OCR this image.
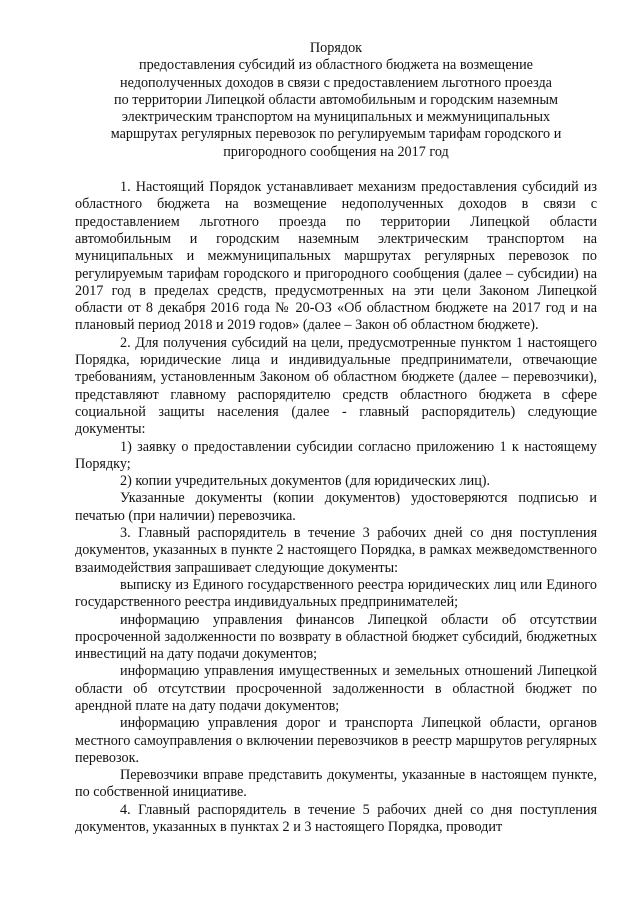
Порядок
предоставления субсидий из областного бюджета на возмещение
недополученных доходов в связи с предоставлением льготного проезда
по территории Липецкой области автомобильным и городским наземным
электрическим транспортом на муниципальных и межмуниципальных
маршрутах регулярных перевозок по регулируемым тарифам городского и
пригородного сообщения на 2017 год

1. Настоящий Порядок устанавливает механизм предоставления субсидий из областного бюджета на возмещение недополученных доходов в связи с предоставлением льготного проезда по территории Липецкой области автомобильным и городским наземным электрическим транспортом на муниципальных и межмуниципальных маршрутах регулярных перевозок по регулируемым тарифам городского и пригородного сообщения (далее – субсидии) на 2017 год в пределах средств, предусмотренных на эти цели Законом Липецкой области от 8 декабря 2016 года № 20-ОЗ «Об областном бюджете на 2017 год и на плановый период 2018 и 2019 годов» (далее – Закон об областном бюджете).

2. Для получения субсидий на цели, предусмотренные пунктом 1 настоящего Порядка, юридические лица и индивидуальные предприниматели, отвечающие требованиям, установленным Законом об областном бюджете (далее – перевозчики), представляют главному распорядителю средств областного бюджета в сфере социальной защиты населения (далее - главный распорядитель) следующие документы:

1) заявку о предоставлении субсидии согласно приложению 1 к настоящему Порядку;

2) копии учредительных документов (для юридических лиц).

Указанные документы (копии документов) удостоверяются подписью и печатью (при наличии) перевозчика.

3. Главный распорядитель в течение 3 рабочих дней со дня поступления документов, указанных в пункте 2 настоящего Порядка, в рамках межведомственного взаимодействия запрашивает следующие документы:

выписку из Единого государственного реестра юридических лиц или Единого государственного реестра индивидуальных предпринимателей;

информацию управления финансов Липецкой области об отсутствии просроченной задолженности по возврату в областной бюджет субсидий, бюджетных инвестиций на дату подачи документов;

информацию управления имущественных и земельных отношений Липецкой области об отсутствии просроченной задолженности в областной бюджет по арендной плате на дату подачи документов;

информацию управления дорог и транспорта Липецкой области, органов местного самоуправления о включении перевозчиков в реестр маршрутов регулярных перевозок.

Перевозчики вправе представить документы, указанные в настоящем пункте, по собственной инициативе.

4. Главный распорядитель в течение 5 рабочих дней со дня поступления документов, указанных в пунктах 2 и 3 настоящего Порядка, проводит
